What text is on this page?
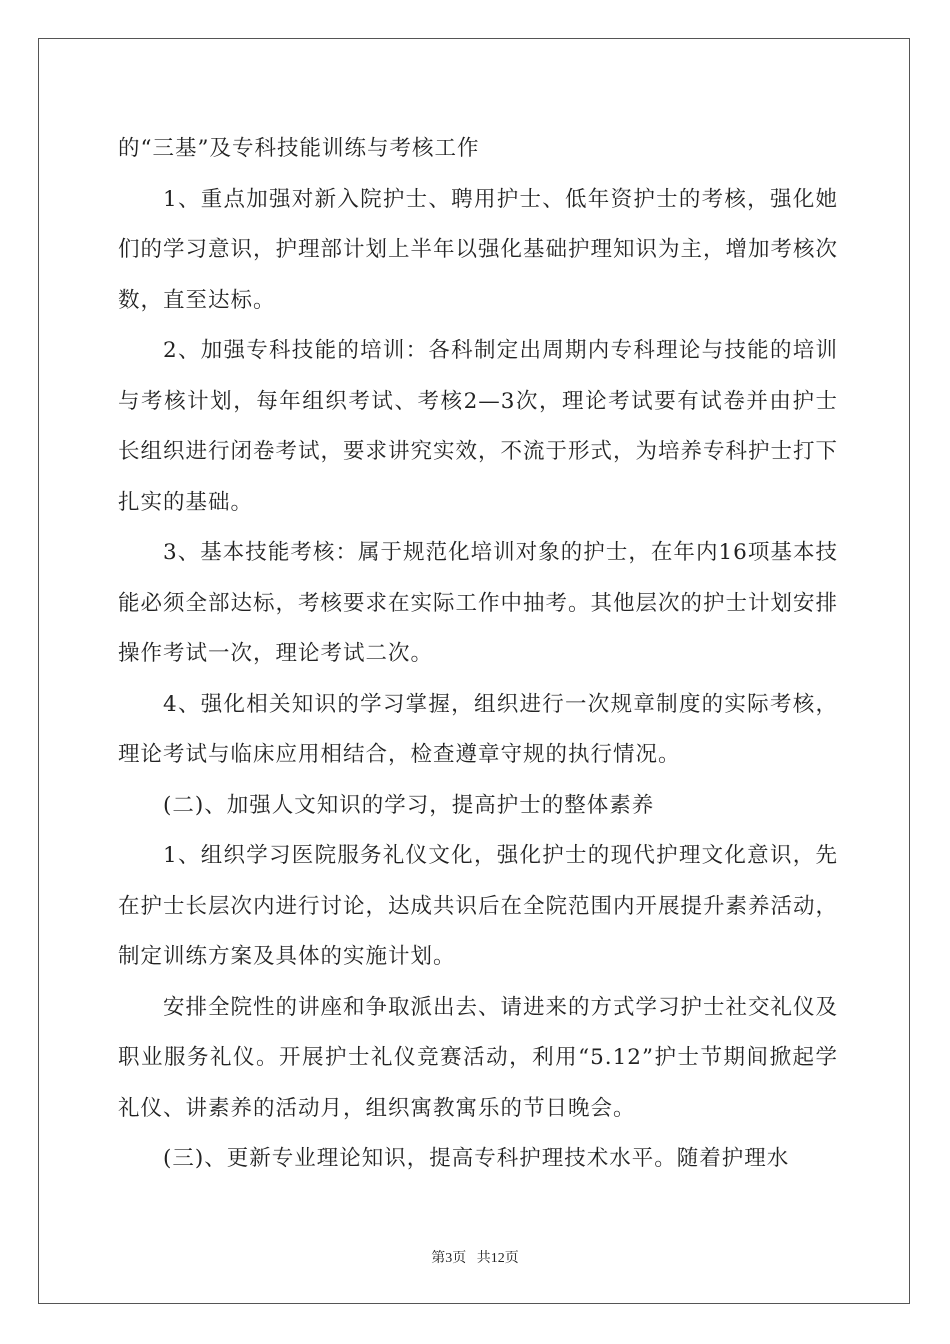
的“三基”及专科技能训练与考核工作

1、重点加强对新入院护士、聘用护士、低年资护士的考核，强化她们的学习意识，护理部计划上半年以强化基础护理知识为主，增加考核次数，直至达标。

2、加强专科技能的培训：各科制定出周期内专科理论与技能的培训与考核计划，每年组织考试、考核2—3次，理论考试要有试卷并由护士长组织进行闭卷考试，要求讲究实效，不流于形式，为培养专科护士打下扎实的基础。

3、基本技能考核：属于规范化培训对象的护士，在年内16项基本技能必须全部达标，考核要求在实际工作中抽考。其他层次的护士计划安排操作考试一次，理论考试二次。

4、强化相关知识的学习掌握，组织进行一次规章制度的实际考核，理论考试与临床应用相结合，检查遵章守规的执行情况。

(二)、加强人文知识的学习，提高护士的整体素养

1、组织学习医院服务礼仪文化，强化护士的现代护理文化意识，先在护士长层次内进行讨论，达成共识后在全院范围内开展提升素养活动，制定训练方案及具体的实施计划。

安排全院性的讲座和争取派出去、请进来的方式学习护士社交礼仪及职业服务礼仪。开展护士礼仪竞赛活动，利用“5.12”护士节期间掀起学礼仪、讲素养的活动月，组织寓教寓乐的节日晚会。

(三)、更新专业理论知识，提高专科护理技术水平。随着护理水

第3页 共12页
